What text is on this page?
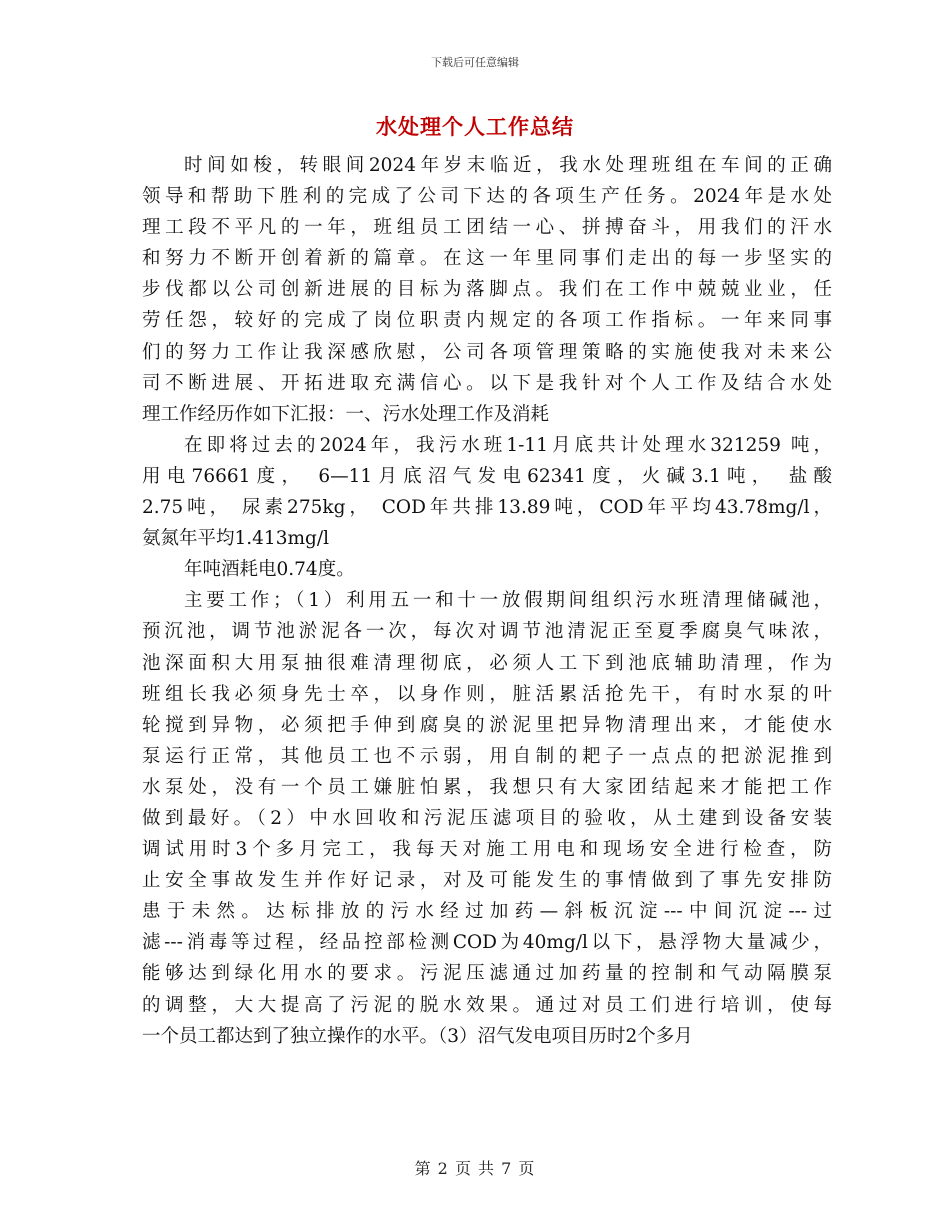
下载后可任意编辑
水处理个人工作总结
时间如梭，转眼间2024年岁末临近，我水处理班组在车间的正确
领导和帮助下胜利的完成了公司下达的各项生产任务。2024年是水处
理工段不平凡的一年，班组员工团结一心、拼搏奋斗，用我们的汗水
和努力不断开创着新的篇章。在这一年里同事们走出的每一步坚实的
步伐都以公司创新进展的目标为落脚点。我们在工作中兢兢业业，任
劳任怨，较好的完成了岗位职责内规定的各项工作指标。一年来同事
们的努力工作让我深感欣慰，公司各项管理策略的实施使我对未来公
司不断进展、开拓进取充满信心。以下是我针对个人工作及结合水处
理工作经历作如下汇报：一、污水处理工作及消耗
在即将过去的2024年，我污水班1-11月底共计处理水321259 吨，
用电76661度， 6—11月底沼气发电62341度，火碱3.1吨， 盐酸
2.75吨， 尿素275kg， COD年共排13.89吨，COD年平均43.78mg/l，
氨氮年平均1.413mg/l
年吨酒耗电0.74度。
主要工作；（1）利用五一和十一放假期间组织污水班清理储碱池，
预沉池，调节池淤泥各一次，每次对调节池清泥正至夏季腐臭气味浓，
池深面积大用泵抽很难清理彻底，必须人工下到池底辅助清理，作为
班组长我必须身先士卒，以身作则，脏活累活抢先干，有时水泵的叶
轮搅到异物，必须把手伸到腐臭的淤泥里把异物清理出来，才能使水
泵运行正常，其他员工也不示弱，用自制的耙子一点点的把淤泥推到
水泵处，没有一个员工嫌脏怕累，我想只有大家团结起来才能把工作
做到最好。（2）中水回收和污泥压滤项目的验收，从土建到设备安装
调试用时3个多月完工，我每天对施工用电和现场安全进行检查，防
止安全事故发生并作好记录，对及可能发生的事情做到了事先安排防
患于未然。达标排放的污水经过加药—斜板沉淀---中间沉淀---过
滤---消毒等过程，经品控部检测COD为40mg/l以下，悬浮物大量减少，
能够达到绿化用水的要求。污泥压滤通过加药量的控制和气动隔膜泵
的调整，大大提高了污泥的脱水效果。通过对员工们进行培训，使每
一个员工都达到了独立操作的水平。（3）沼气发电项目历时2个多月
第 2 页 共 7 页
